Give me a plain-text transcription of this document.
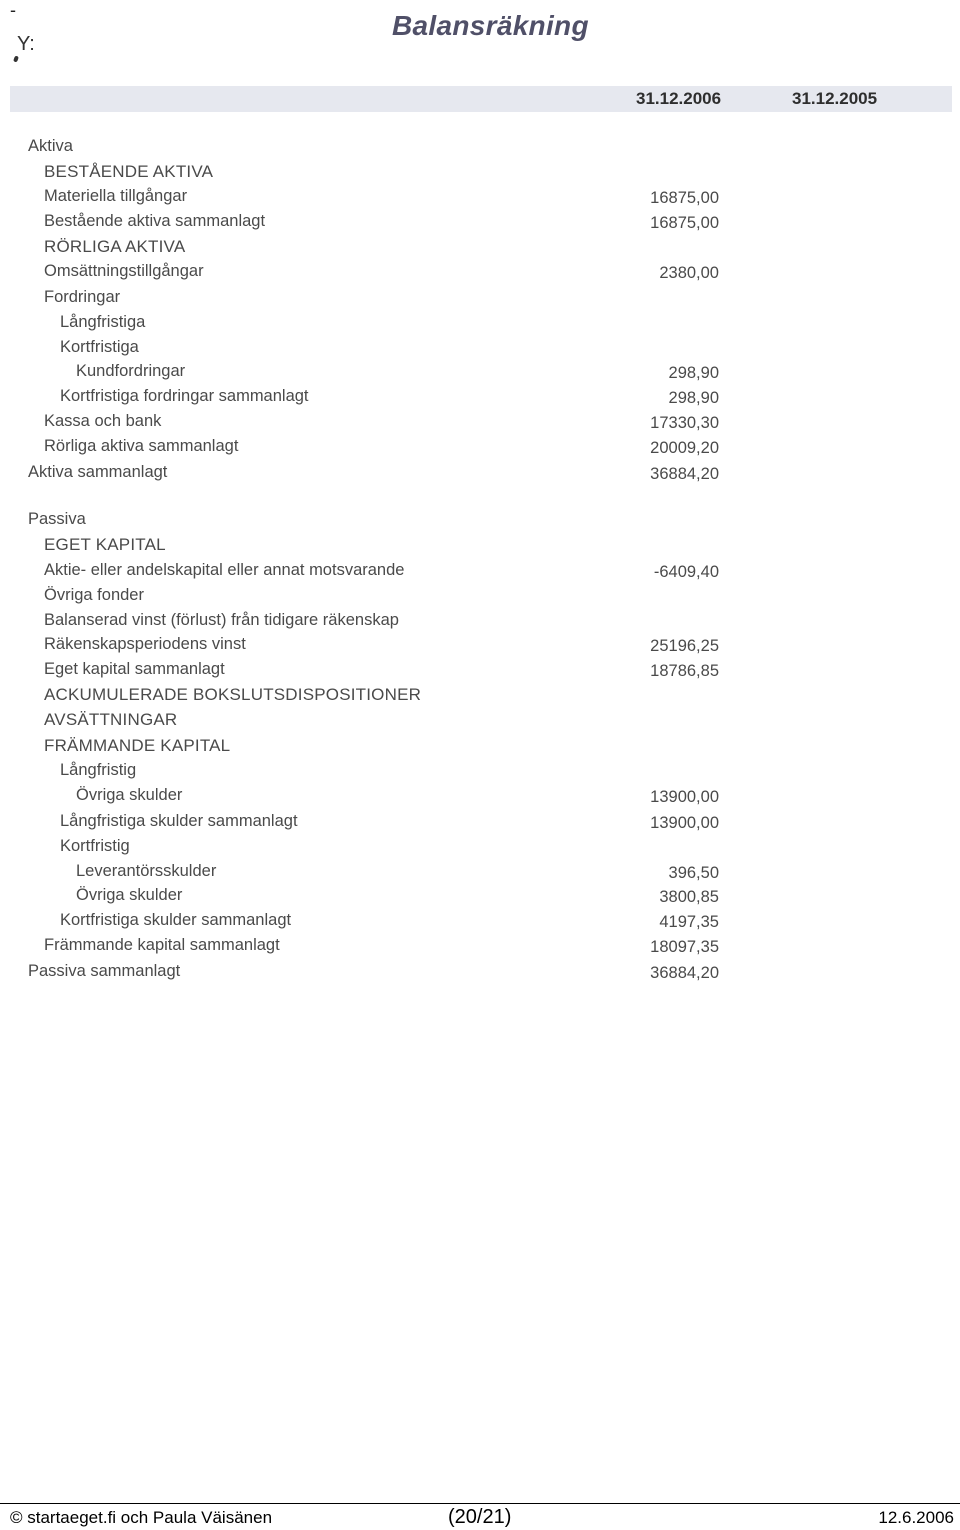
-
Y:
Balansräkning
31.12.2006	31.12.2005
Aktiva
BESTÅENDE AKTIVA
Materiella tillgångar	16875,00
Bestående aktiva sammanlagt	16875,00
RÖRLIGA AKTIVA
Omsättningstillgångar	2380,00
Fordringar
Långfristiga
Kortfristiga
Kundfordringar	298,90
Kortfristiga fordringar sammanlagt	298,90
Kassa och bank	17330,30
Rörliga aktiva sammanlagt	20009,20
Aktiva sammanlagt	36884,20
Passiva
EGET KAPITAL
Aktie- eller andelskapital eller annat motsvarande	-6409,40
Övriga fonder
Balanserad vinst (förlust) från tidigare räkenskap
Räkenskapsperiodens vinst	25196,25
Eget kapital sammanlagt	18786,85
ACKUMULERADE BOKSLUTSDISPOSITIONER
AVSÄTTNINGAR
FRÄMMANDE KAPITAL
Långfristig
Övriga skulder	13900,00
Långfristiga skulder sammanlagt	13900,00
Kortfristig
Leverantörsskulder	396,50
Övriga skulder	3800,85
Kortfristiga skulder sammanlagt	4197,35
Främmande kapital sammanlagt	18097,35
Passiva sammanlagt	36884,20
© startaeget.fi och Paula Väisänen	(20/21)	12.6.2006
